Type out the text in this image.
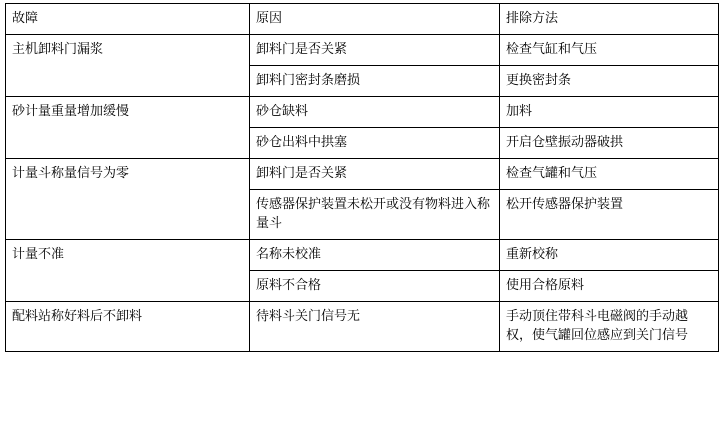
故障	原因	排除方法

主机卸料门漏浆	卸料门是否关紧	检查气缸和气压

	卸料门密封条磨损	更换密封条

砂计量重量增加缓慢	砂仓缺料	加料

	砂仓出料中拱塞	开启仓壁振动器破拱

计量斗称量信号为零	卸料门是否关紧	检查气罐和气压

	传感器保护装置未松开或没有物料进入称量斗	松开传感器保护装置

计量不准	名称未校准	重新校称

	原料不合格	使用合格原料

配料站称好料后不卸料	待料斗关门信号无	手动顶住带科斗电磁阀的手动越权，使气罐回位感应到关门信号
